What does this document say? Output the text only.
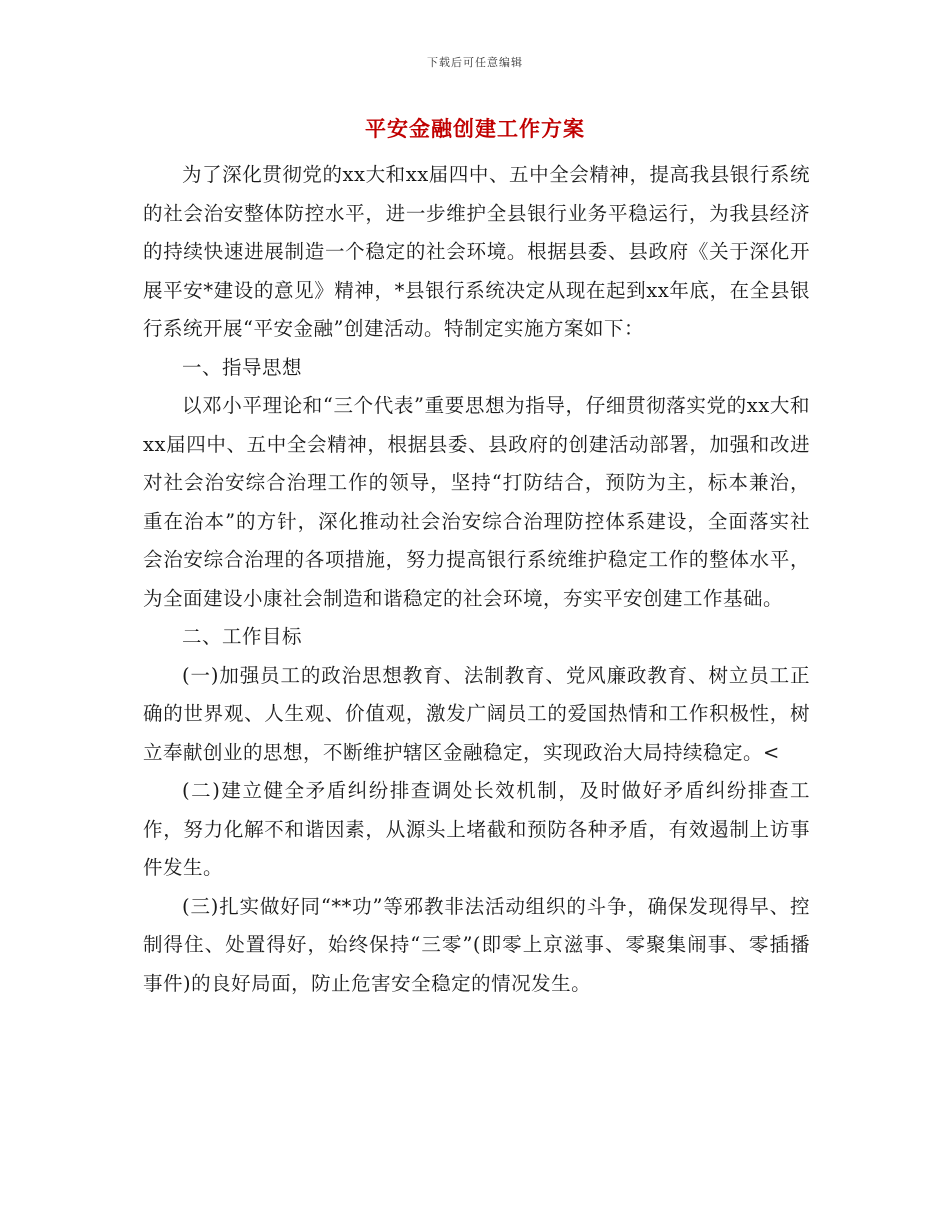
下载后可任意编辑
平安金融创建工作方案

为了深化贯彻党的xx大和xx届四中、五中全会精神，提高我县银行系统的社会治安整体防控水平，进一步维护全县银行业务平稳运行，为我县经济的持续快速进展制造一个稳定的社会环境。根据县委、县政府《关于深化开展平安*建设的意见》精神，*县银行系统决定从现在起到xx年底，在全县银行系统开展“平安金融”创建活动。特制定实施方案如下：

一、指导思想

以邓小平理论和“三个代表”重要思想为指导，仔细贯彻落实党的xx大和xx届四中、五中全会精神，根据县委、县政府的创建活动部署，加强和改进对社会治安综合治理工作的领导，坚持“打防结合，预防为主，标本兼治，重在治本”的方针，深化推动社会治安综合治理防控体系建设，全面落实社会治安综合治理的各项措施，努力提高银行系统维护稳定工作的整体水平，为全面建设小康社会制造和谐稳定的社会环境，夯实平安创建工作基础。

二、工作目标

(一)加强员工的政治思想教育、法制教育、党风廉政教育、树立员工正确的世界观、人生观、价值观，激发广阔员工的爱国热情和工作积极性，树立奉献创业的思想，不断维护辖区金融稳定，实现政治大局持续稳定。<

(二)建立健全矛盾纠纷排查调处长效机制，及时做好矛盾纠纷排查工作，努力化解不和谐因素，从源头上堵截和预防各种矛盾，有效遏制上访事件发生。

(三)扎实做好同“**功”等邪教非法活动组织的斗争，确保发现得早、控制得住、处置得好，始终保持“三零”(即零上京滋事、零聚集闹事、零插播事件)的良好局面，防止危害安全稳定的情况发生。
